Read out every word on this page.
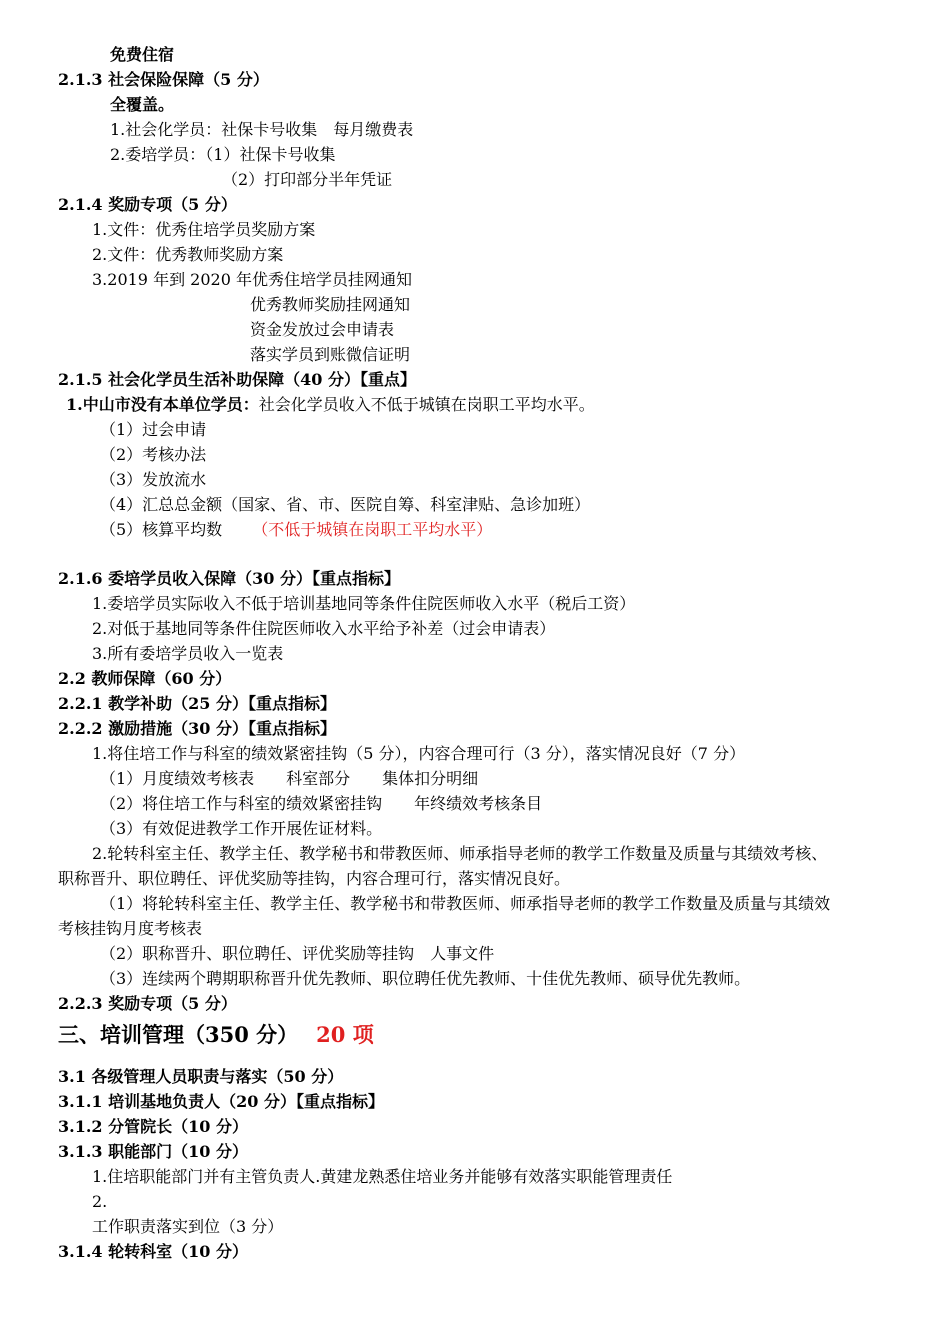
免费住宿
2.1.3 社会保险保障（5 分）
全覆盖。
1.社会化学员：社保卡号收集　每月缴费表
2.委培学员：（1）社保卡号收集
（2）打印部分半年凭证
2.1.4 奖励专项（5 分）
1.文件：优秀住培学员奖励方案
2.文件：优秀教师奖励方案
3.2019 年到 2020 年优秀住培学员挂网通知
优秀教师奖励挂网通知
资金发放过会申请表
落实学员到账微信证明
2.1.5 社会化学员生活补助保障（40 分）【重点】
1.中山市没有本单位学员：社会化学员收入不低于城镇在岗职工平均水平。
（1）过会申请
（2）考核办法
（3）发放流水
（4）汇总总金额（国家、省、市、医院自筹、科室津贴、急诊加班）
（5）核算平均数 （不低于城镇在岗职工平均水平）
2.1.6 委培学员收入保障（30 分）【重点指标】
1.委培学员实际收入不低于培训基地同等条件住院医师收入水平（税后工资）
2.对低于基地同等条件住院医师收入水平给予补差（过会申请表）
3.所有委培学员收入一览表
2.2 教师保障（60 分）
2.2.1 教学补助（25 分）【重点指标】
2.2.2 激励措施（30 分）【重点指标】
1.将住培工作与科室的绩效紧密挂钩（5 分），内容合理可行（3 分），落实情况良好（7 分）
（1）月度绩效考核表　　科室部分　　集体扣分明细
（2）将住培工作与科室的绩效紧密挂钩　　年终绩效考核条目
（3）有效促进教学工作开展佐证材料。
2.轮转科室主任、教学主任、教学秘书和带教医师、师承指导老师的教学工作数量及质量与其绩效考核、
职称晋升、职位聘任、评优奖励等挂钩，内容合理可行，落实情况良好。
（1）将轮转科室主任、教学主任、教学秘书和带教医师、师承指导老师的教学工作数量及质量与其绩效
考核挂钩月度考核表
（2）职称晋升、职位聘任、评优奖励等挂钩　人事文件
（3）连续两个聘期职称晋升优先教师、职位聘任优先教师、十佳优先教师、硕导优先教师。
2.2.3 奖励专项（5 分）
三、培训管理（350 分） 20 项
3.1 各级管理人员职责与落实（50 分）
3.1.1 培训基地负责人（20 分）【重点指标】
3.1.2 分管院长（10 分）
3.1.3 职能部门（10 分）
1.住培职能部门并有主管负责人.黄建龙熟悉住培业务并能够有效落实职能管理责任
2.
工作职责落实到位（3 分）
3.1.4 轮转科室（10 分）
